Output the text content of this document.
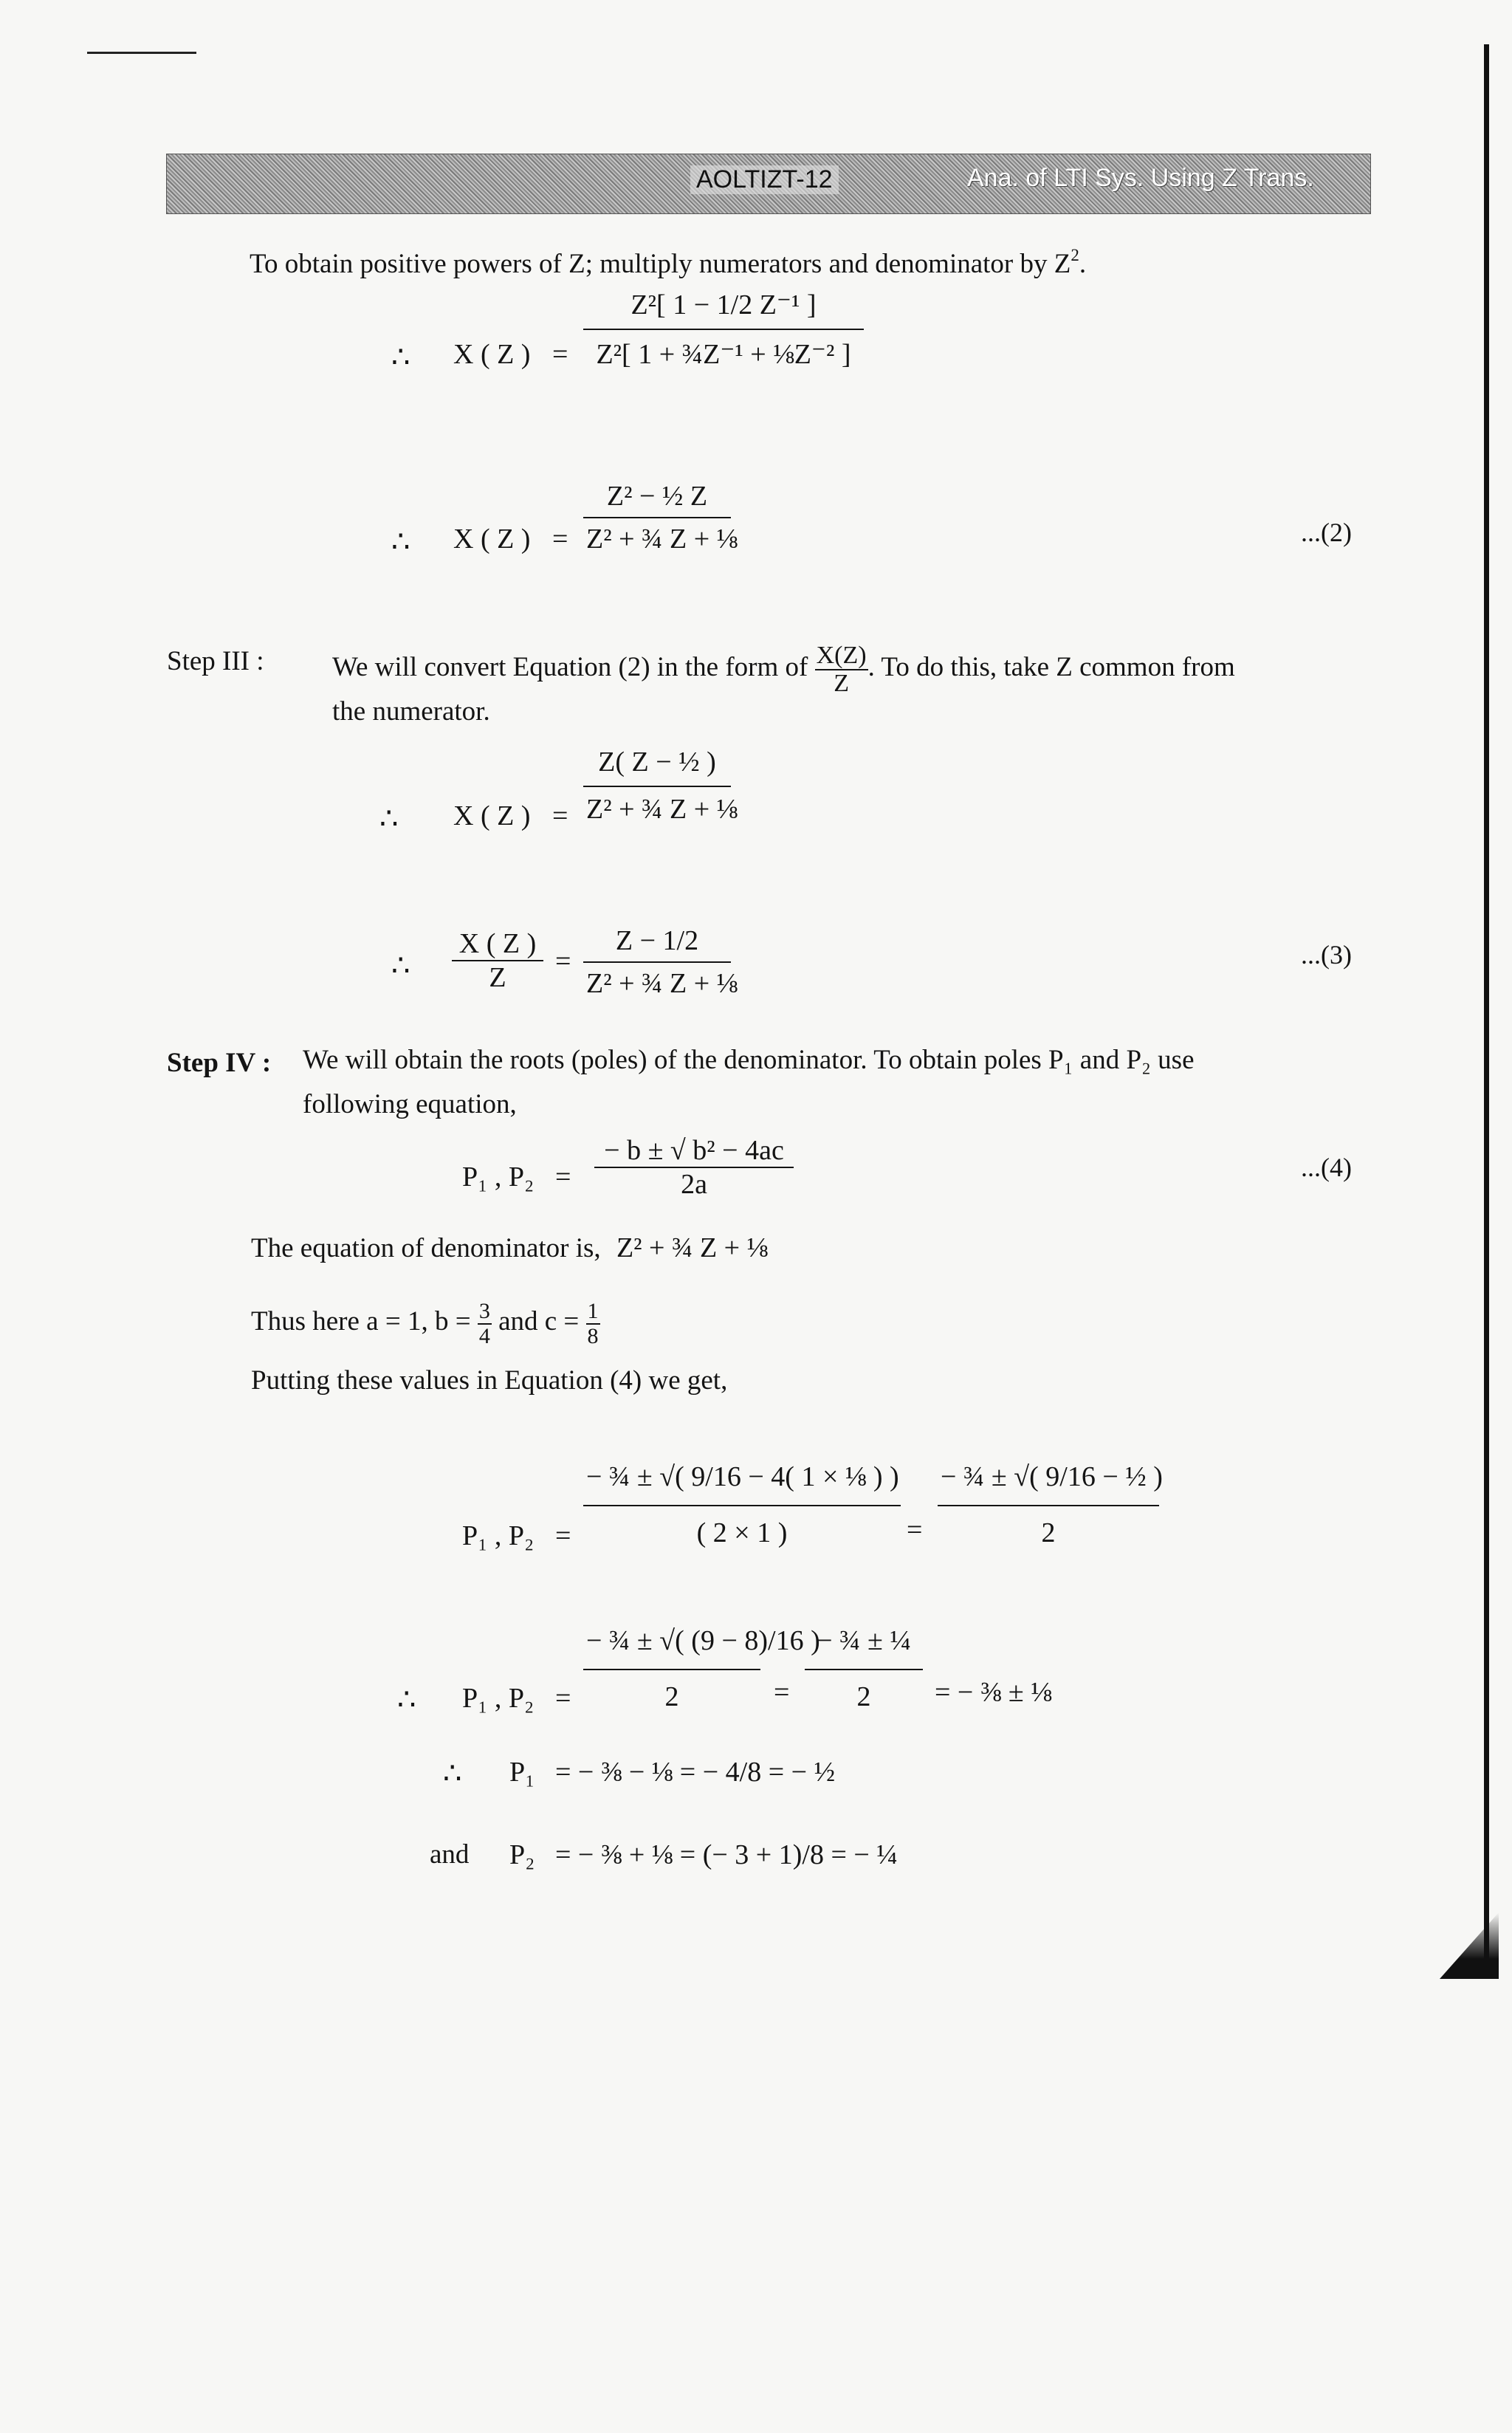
AOLTIZT-12	Ana. of LTI Sys. Using Z Trans.
To obtain positive powers of Z; multiply numerators and denominator by $Z^2$.
∴ X ( Z ) = $\frac{\text{Z²[ 1 − 1/2 Z⁻¹ ]}}{\text{Z²[ 1 + ¾Z⁻¹ + ⅛Z⁻² ]}}$
∴ X ( Z ) = $\frac{\text{Z² − ½ Z}}{\text{Z² + ¾ Z + ⅛}}$	...(2)
Step III : We will convert Equation (2) in the form of $\frac{X(Z)}{Z}$ . To do this, take Z common from
the numerator.
∴ X ( Z ) = $\frac{\text{Z( Z − ½ )}}{\text{Z² + ¾ Z + ⅛}}$
∴ $\frac{X ( Z )}{Z} = \frac{Z - 1/2}{\text{Z² + ¾ Z + ⅛}}$	...(3)
Step IV : We will obtain the roots (poles) of the denominator. To obtain poles P₁ and P₂ use
following equation,
P₁ , $P_2 = \frac{\text{− b ± √ b² − 4ac}}{2a}$	...(4)
The equation of denominator is, Z² + ¾ Z + ⅛
Thus here a = 1, $b = \frac{3}{4}$ and $c = \frac{1}{8}$
Putting these values in Equation (4) we get,
P₁ , $P_2 = \frac{\text{− ¾ ± √( 9/16 − 4( 1 × ⅛ ) )}}{( 2 \times 1 )} = \frac{\text{− ¾ ± √( 9/16 − ½ )}}{2}$
∴ P₁ , $P_2 = \frac{\text{− ¾ ± √( (9 − 8)/16 )}}{2} = \frac{\text{− ¾ ± ¼}}{2}$ = − ⅜ ± ⅛
∴ P₁ = − ⅜ − ⅛ = − 4/8 = − ½
and P₂ = − ⅜ + ⅛ = (− 3 + 1)/8 = − ¼
